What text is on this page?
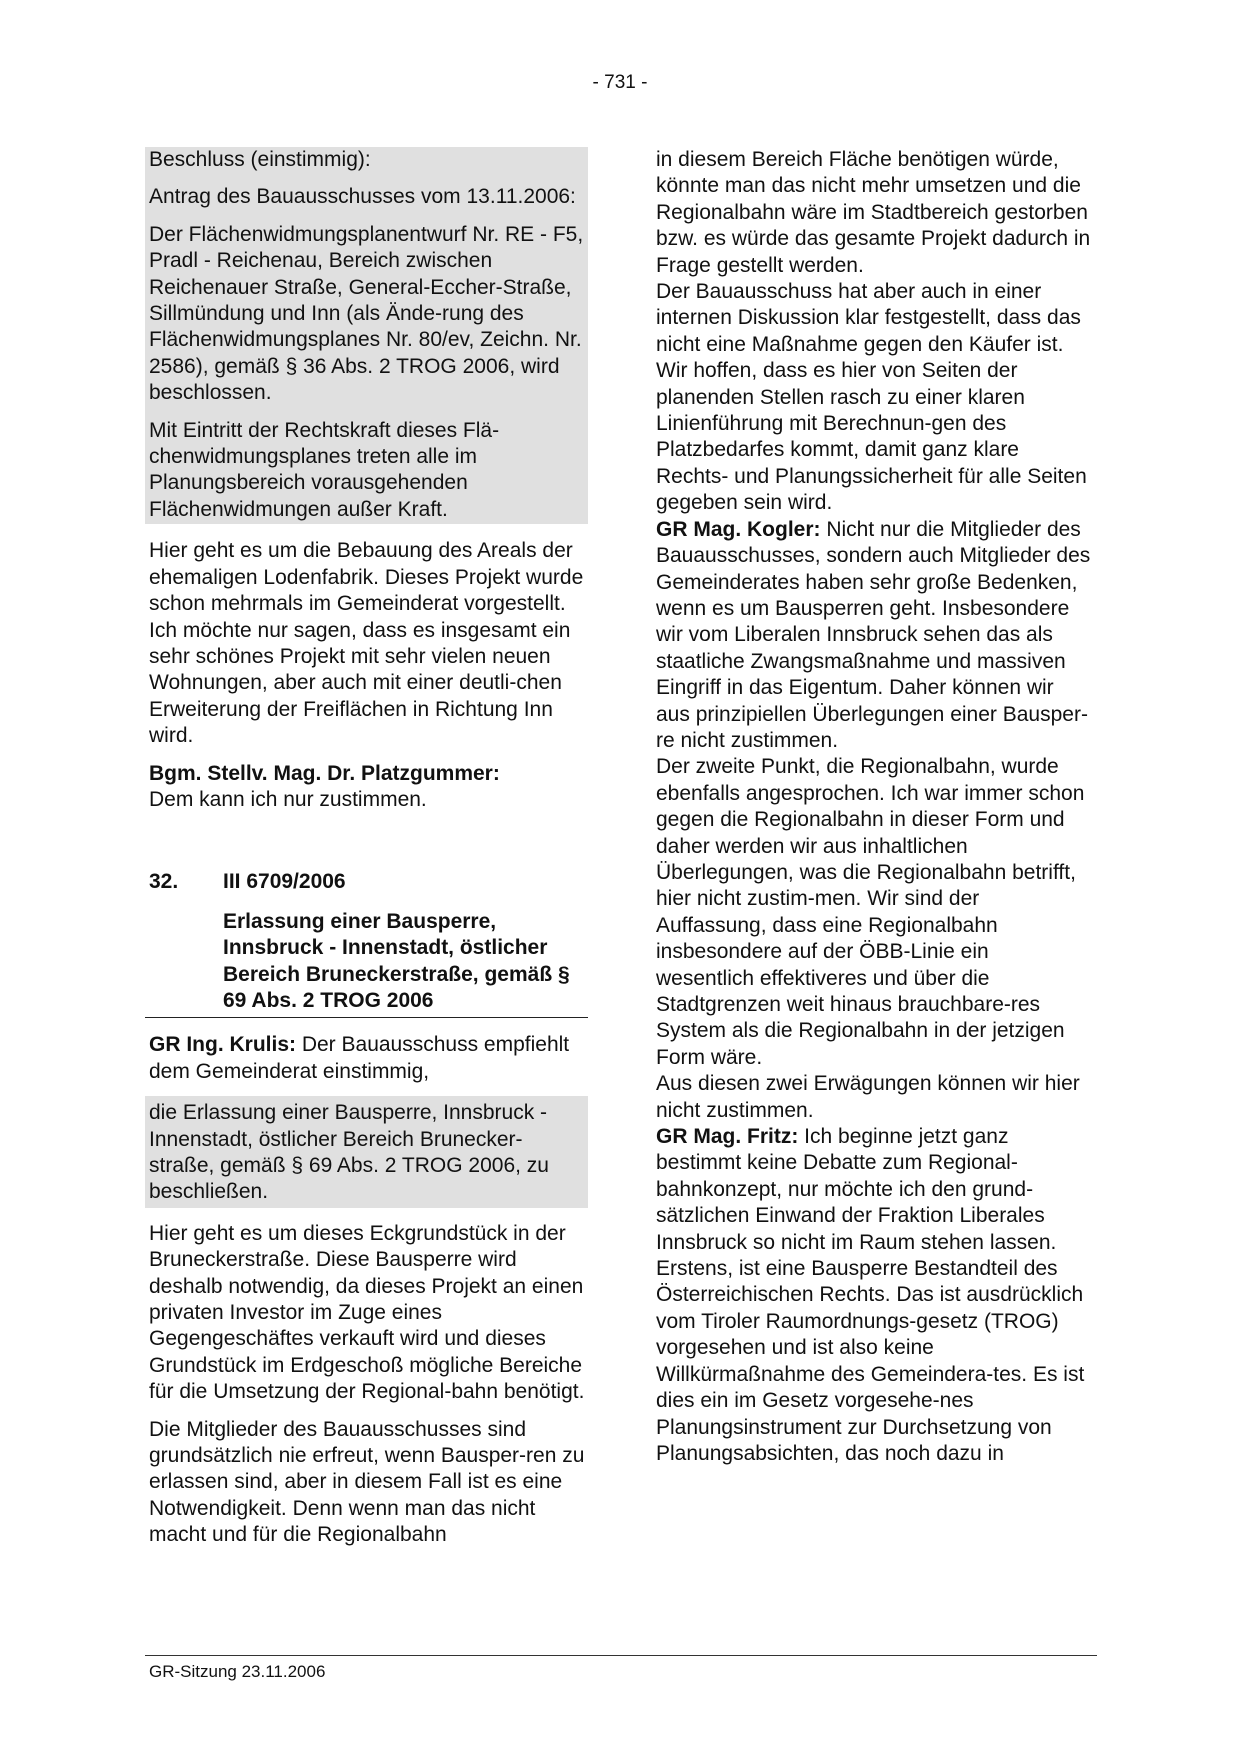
- 731 -

Beschluss (einstimmig):

Antrag des Bauausschusses vom 13.11.2006:

Der Flächenwidmungsplanentwurf Nr. RE - F5, Pradl - Reichenau, Bereich zwischen Reichenauer Straße, General-Eccher-Straße, Sillmündung und Inn (als Ände-rung des Flächenwidmungsplanes Nr. 80/ev, Zeichn. Nr. 2586), gemäß § 36 Abs. 2 TROG 2006, wird beschlossen.

Mit Eintritt der Rechtskraft dieses Flä-chenwidmungsplanes treten alle im Planungsbereich vorausgehenden Flächenwidmungen außer Kraft.

Hier geht es um die Bebauung des Areals der ehemaligen Lodenfabrik. Dieses Projekt wurde schon mehrmals im Gemeinderat vorgestellt. Ich möchte nur sagen, dass es insgesamt ein sehr schönes Projekt mit sehr vielen neuen Wohnungen, aber auch mit einer deutli-chen Erweiterung der Freiflächen in Richtung Inn wird.

Bgm. Stellv. Mag. Dr. Platzgummer:
Dem kann ich nur zustimmen.

32. III 6709/2006
Erlassung einer Bausperre, Innsbruck - Innenstadt, östlicher Bereich Bruneckerstraße, gemäß § 69 Abs. 2 TROG 2006

GR Ing. Krulis: Der Bauausschuss empfiehlt dem Gemeinderat einstimmig,

die Erlassung einer Bausperre, Innsbruck - Innenstadt, östlicher Bereich Brunecker-straße, gemäß § 69 Abs. 2 TROG 2006, zu beschließen.

Hier geht es um dieses Eckgrundstück in der Bruneckerstraße. Diese Bausperre wird deshalb notwendig, da dieses Projekt an einen privaten Investor im Zuge eines Gegengeschäftes verkauft wird und dieses Grundstück im Erdgeschoß mögliche Bereiche für die Umsetzung der Regional-bahn benötigt.

Die Mitglieder des Bauausschusses sind grundsätzlich nie erfreut, wenn Bausper-ren zu erlassen sind, aber in diesem Fall ist es eine Notwendigkeit. Denn wenn man das nicht macht und für die Regionalbahn

in diesem Bereich Fläche benötigen würde, könnte man das nicht mehr umsetzen und die Regionalbahn wäre im Stadtbereich gestorben bzw. es würde das gesamte Projekt dadurch in Frage gestellt werden.

Der Bauausschuss hat aber auch in einer internen Diskussion klar festgestellt, dass das nicht eine Maßnahme gegen den Käufer ist. Wir hoffen, dass es hier von Seiten der planenden Stellen rasch zu einer klaren Linienführung mit Berechnun-gen des Platzbedarfes kommt, damit ganz klare Rechts- und Planungssicherheit für alle Seiten gegeben sein wird.

GR Mag. Kogler: Nicht nur die Mitglieder des Bauausschusses, sondern auch Mitglieder des Gemeinderates haben sehr große Bedenken, wenn es um Bausperren geht. Insbesondere wir vom Liberalen Innsbruck sehen das als staatliche Zwangsmaßnahme und massiven Eingriff in das Eigentum. Daher können wir aus prinzipiellen Überlegungen einer Bausper-re nicht zustimmen.

Der zweite Punkt, die Regionalbahn, wurde ebenfalls angesprochen. Ich war immer schon gegen die Regionalbahn in dieser Form und daher werden wir aus inhaltlichen Überlegungen, was die Regionalbahn betrifft, hier nicht zustim-men. Wir sind der Auffassung, dass eine Regionalbahn insbesondere auf der ÖBB-Linie ein wesentlich effektiveres und über die Stadtgrenzen weit hinaus brauchbare-res System als die Regionalbahn in der jetzigen Form wäre.

Aus diesen zwei Erwägungen können wir hier nicht zustimmen.

GR Mag. Fritz: Ich beginne jetzt ganz bestimmt keine Debatte zum Regional-bahnkonzept, nur möchte ich den grund-sätzlichen Einwand der Fraktion Liberales Innsbruck so nicht im Raum stehen lassen.

Erstens, ist eine Bausperre Bestandteil des Österreichischen Rechts. Das ist ausdrücklich vom Tiroler Raumordnungs-gesetz (TROG) vorgesehen und ist also keine Willkürmaßnahme des Gemeindera-tes. Es ist dies ein im Gesetz vorgesehe-nes Planungsinstrument zur Durchsetzung von Planungsabsichten, das noch dazu in

GR-Sitzung 23.11.2006
